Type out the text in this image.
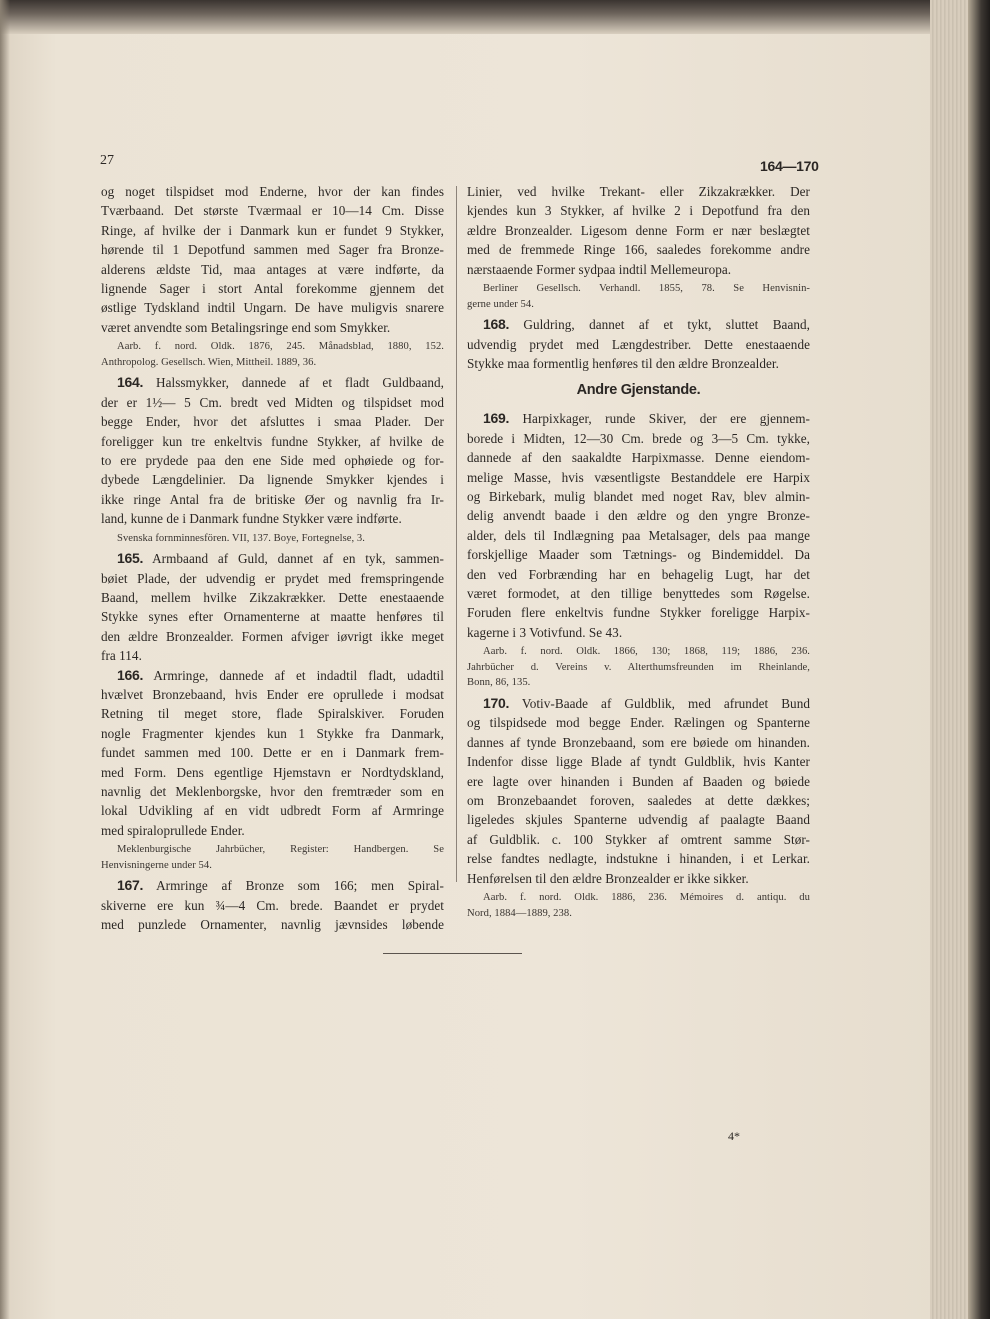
27	164—170
og noget tilspidset mod Enderne, hvor der kan findes
Tværbaand. Det største Tværmaal er 10—14 Cm. Disse
Ringe, af hvilke der i Danmark kun er fundet 9 Stykker,
hørende til 1 Depotfund sammen med Sager fra Bronze-
alderens ældste Tid, maa antages at være indførte, da
lignende Sager i stort Antal forekomme gjennem det
østlige Tydskland indtil Ungarn. De have muligvis snarere
været anvendte som Betalingsringe end som Smykker.
Aarb. f. nord. Oldk. 1876, 245. Månadsblad, 1880, 152.
Anthropolog. Gesellsch. Wien, Mittheil. 1889, 36.
164. Halssmykker, dannede af et fladt Guldbaand,
der er 1½— 5 Cm. bredt ved Midten og tilspidset mod
begge Ender, hvor det afsluttes i smaa Plader. Der
foreligger kun tre enkeltvis fundne Stykker, af hvilke de
to ere prydede paa den ene Side med ophøiede og for-
dybede Længdelinier. Da lignende Smykker kjendes i
ikke ringe Antal fra de britiske Øer og navnlig fra Ir-
land, kunne de i Danmark fundne Stykker være indførte.
Svenska fornminnesfören. VII, 137. Boye, Fortegnelse, 3.
165. Armbaand af Guld, dannet af en tyk, sammen-
bøiet Plade, der udvendig er prydet med fremspringende
Baand, mellem hvilke Zikzakrækker. Dette enestaaende
Stykke synes efter Ornamenterne at maatte henføres til
den ældre Bronzealder. Formen afviger iøvrigt ikke meget
fra 114.
166. Armringe, dannede af et indadtil fladt, udadtil
hvælvet Bronzebaand, hvis Ender ere oprullede i modsat
Retning til meget store, flade Spiralskiver. Foruden
nogle Fragmenter kjendes kun 1 Stykke fra Danmark,
fundet sammen med 100. Dette er en i Danmark frem-
med Form. Dens egentlige Hjemstavn er Nordtydskland,
navnlig det Meklenborgske, hvor den fremtræder som en
lokal Udvikling af en vidt udbredt Form af Armringe
med spiraloprullede Ender.
Meklenburgische Jahrbücher, Register: Handbergen. Se
Henvisningerne under 54.
167. Armringe af Bronze som 166; men Spiral-
skiverne ere kun ¾—4 Cm. brede. Baandet er prydet
med punzlede Ornamenter, navnlig jævnsides løbende
Linier, ved hvilke Trekant- eller Zikzakrækker. Der
kjendes kun 3 Stykker, af hvilke 2 i Depotfund fra den
ældre Bronzealder. Ligesom denne Form er nær beslægtet
med de fremmede Ringe 166, saaledes forekomme andre
nærstaaende Former sydpaa indtil Mellemeuropa.
Berliner Gesellsch. Verhandl. 1855, 78. Se Henvisnin-
gerne under 54.
168. Guldring, dannet af et tykt, sluttet Baand,
udvendig prydet med Længdestriber. Dette enestaaende
Stykke maa formentlig henføres til den ældre Bronzealder.
Andre Gjenstande.
169. Harpixkager, runde Skiver, der ere gjennem-
borede i Midten, 12—30 Cm. brede og 3—5 Cm. tykke,
dannede af den saakaldte Harpixmasse. Denne eiendom-
melige Masse, hvis væsentligste Bestanddele ere Harpix
og Birkebark, mulig blandet med noget Rav, blev almin-
delig anvendt baade i den ældre og den yngre Bronze-
alder, dels til Indlægning paa Metalsager, dels paa mange
forskjellige Maader som Tætnings- og Bindemiddel. Da
den ved Forbrænding har en behagelig Lugt, har det
været formodet, at den tillige benyttedes som Røgelse.
Foruden flere enkeltvis fundne Stykker foreligge Harpix-
kagerne i 3 Votivfund. Se 43.
Aarb. f. nord. Oldk. 1866, 130; 1868, 119; 1886, 236.
Jahrbücher d. Vereins v. Alterthumsfreunden im Rheinlande,
Bonn, 86, 135.
170. Votiv-Baade af Guldblik, med afrundet Bund
og tilspidsede mod begge Ender. Rælingen og Spanterne
dannes af tynde Bronzebaand, som ere bøiede om hinanden.
Indenfor disse ligge Blade af tyndt Guldblik, hvis Kanter
ere lagte over hinanden i Bunden af Baaden og bøiede
om Bronzebaandet foroven, saaledes at dette dækkes;
ligeledes skjules Spanterne udvendig af paalagte Baand
af Guldblik. c. 100 Stykker af omtrent samme Stør-
relse fandtes nedlagte, indstukne i hinanden, i et Lerkar.
Henførelsen til den ældre Bronzealder er ikke sikker.
Aarb. f. nord. Oldk. 1886, 236. Mémoires d. antiqu. du
Nord, 1884—1889, 238.
4*
